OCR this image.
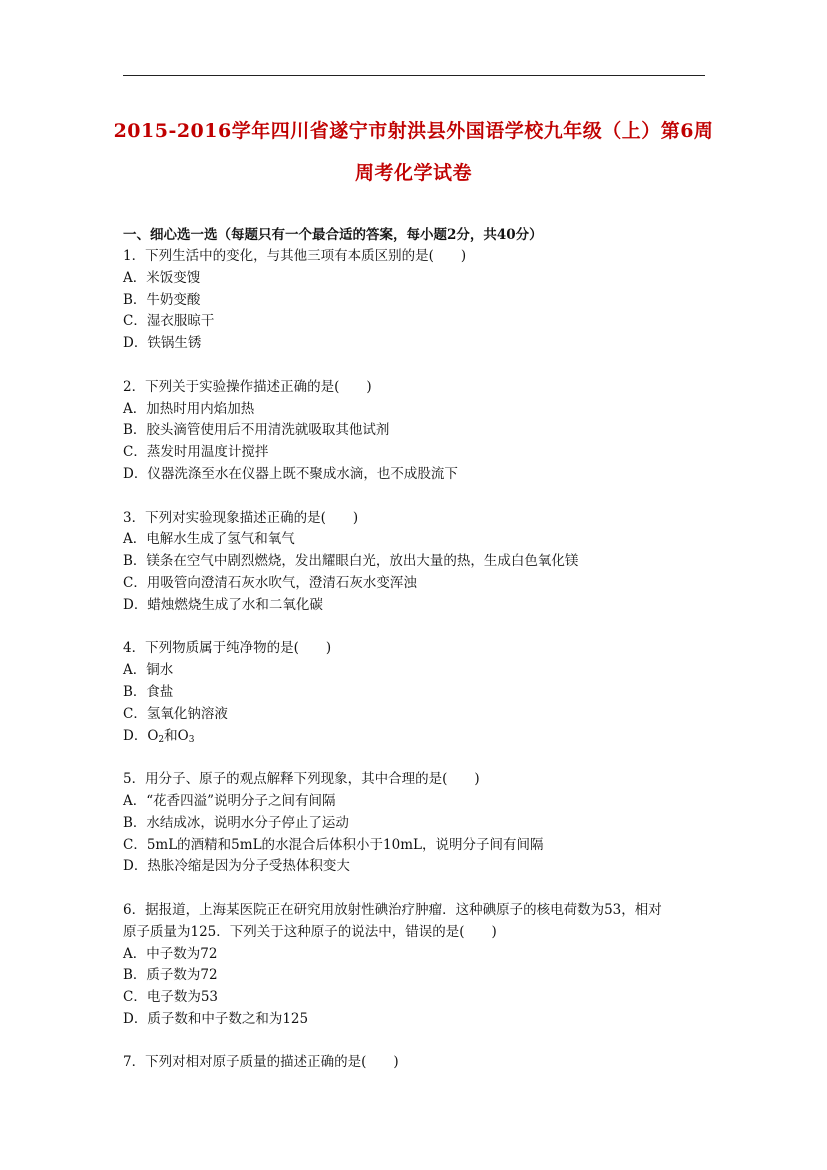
2015-2016学年四川省遂宁市射洪县外国语学校九年级（上）第6周
周考化学试卷
一、细心选一选（每题只有一个最合适的答案，每小题2分，共40分）
1．下列生活中的变化，与其他三项有本质区别的是(　　)
A．米饭变馊
B．牛奶变酸
C．湿衣服晾干
D．铁锅生锈
2．下列关于实验操作描述正确的是(　　)
A．加热时用内焰加热
B．胶头滴管使用后不用清洗就吸取其他试剂
C．蒸发时用温度计搅拌
D．仪器洗涤至水在仪器上既不聚成水滴，也不成股流下
3．下列对实验现象描述正确的是(　　)
A．电解水生成了氢气和氧气
B．镁条在空气中剧烈燃烧，发出耀眼白光，放出大量的热，生成白色氧化镁
C．用吸管向澄清石灰水吹气，澄清石灰水变浑浊
D．蜡烛燃烧生成了水和二氧化碳
4．下列物质属于纯净物的是(　　)
A．铜水
B．食盐
C．氢氧化钠溶液
D．$O_2$和$O_3$
5．用分子、原子的观点解释下列现象，其中合理的是(　　)
A．“花香四溢”说明分子之间有间隔
B．水结成冰，说明水分子停止了运动
C．5mL的酒精和5mL的水混合后体积小于10mL，说明分子间有间隔
D．热胀冷缩是因为分子受热体积变大
6．据报道，上海某医院正在研究用放射性碘治疗肿瘤．这种碘原子的核电荷数为53，相对
原子质量为125．下列关于这种原子的说法中，错误的是(　　)
A．中子数为72
B．质子数为72
C．电子数为53
D．质子数和中子数之和为125
7．下列对相对原子质量的描述正确的是(　　)
